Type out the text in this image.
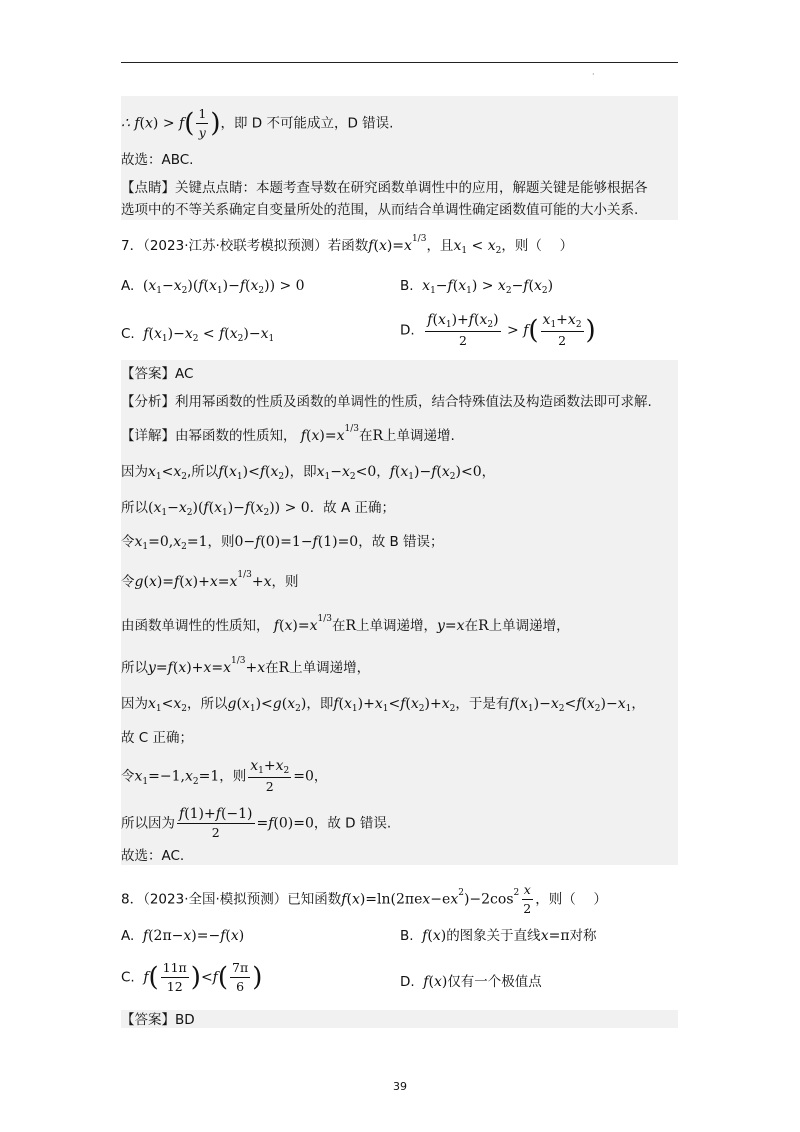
·
∴ $f(x) > f( \frac{1}{y}$ )，即 D 不可能成立，D 错误.
故选：ABC.
【点睛】关键点点睛：本题考查导数在研究函数单调性中的应用，解题关键是能够根据各
选项中的不等关系确定自变量所处的范围，从而结合单调性确定函数值可能的大小关系.
7．（2023·江苏·校联考模拟预测）若函数$f(x)=x^{1/3}$，且$x_1 < x_2$，则（　 ）
A. $(x_1-x_2)(f(x_1)-f(x_2)) > 0$	B. $x_1-f(x_1) > x_2-f(x_2)$
C. $f(x_1)-x_2 < f(x_2)-x_1$
D. $\frac{f(x_1)+f(x_2)}{2} > f( \frac{x_1+x_2}{2}$ )
【答案】AC
【分析】利用幂函数的性质及函数的单调性的性质，结合特殊值法及构造函数法即可求解.
【详解】由幂函数的性质知， $f(x)=x^{1/3}$在R上单调递增.
因为$x_1<x_2$,所以$f(x_1)<f(x_2)$，即$x_1-x_2<0$，$f(x_1)-f(x_2)<0$，
所以$(x_1-x_2)(f(x_1)-f(x_2)) > 0$．故 A 正确；
令$x_1=0,x_2=1$，则0−f(0)=1−f(1)=0，故 B 错误；
令$g(x)=f(x)+x=x^{1/3}+x$，则
由函数单调性的性质知， $f(x)=x^{1/3}$在R上单调递增，y=x在R上单调递增，
所以$y=f(x)+x=x^{1/3}+x$在R上单调递增，
因为$x_1<x_2$，所以$g(x_1)<g(x_2)$，即$f(x_1)+x_1<f(x_2)+x_2$，于是有$f(x_1)-x_2<f(x_2)-x_1$，
故 C 正确；
令$x_1=-1,x_2=1$，则 $\frac{x_1+x_2}{2} =0$，
所以因为 $\frac{f(1)+f(-1)}{2} =f(0)=0$，故 D 错误.
故选：AC.
8．（2023·全国·模拟预测）已知函数$f(x)=\ln(2\pi ex-ex^2)-2\cos^2 \frac{x}{2}$ ，则（　 ）
A. f(2π−x)=−f(x)	B. f(x)的图象关于直线x=π对称
C. $f( \frac{11\pi}{12} )<f( \frac{7\pi}{6}$ )	D. f(x)仅有一个极值点
【答案】BD
39
